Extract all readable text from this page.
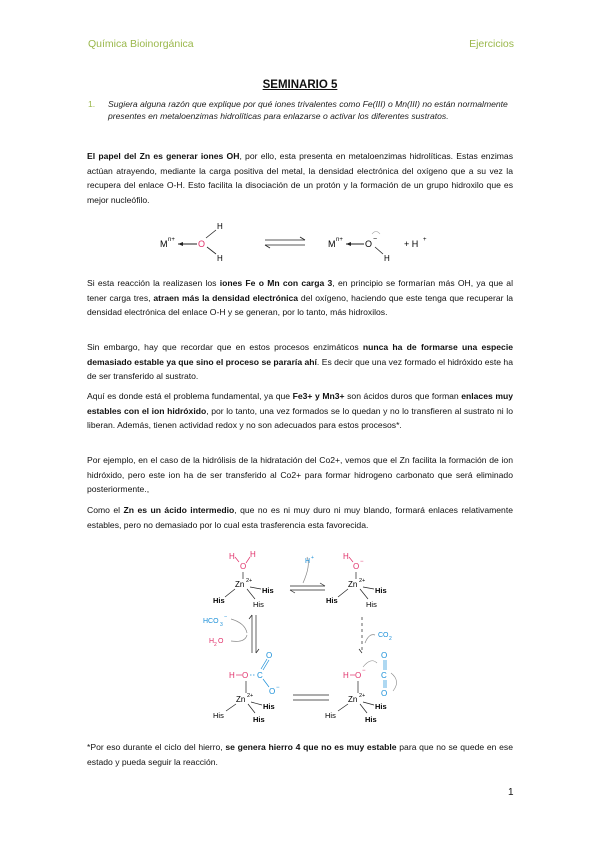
Química Bioinorgánica	Ejercicios
SEMINARIO 5
1. Sugiera alguna razón que explique por qué iones trivalentes como Fe(III) o Mn(III) no están normalmente presentes en metaloenzimas hidrolíticas para enlazarse o activar los diferentes sustratos.
El papel del Zn es generar iones OH, por ello, esta presenta en metaloenzimas hidrolíticas. Estas enzimas actúan atrayendo, mediante la carga positiva del metal, la densidad electrónica del oxígeno que a su vez la recupera del enlace O-H. Esto facilita la disociación de un protón y la formación de un grupo hidroxilo que es mejor nucleófilo.
M n+	O
H
H
M n+ O −
H
+ H +
Si esta reacción la realizasen los iones Fe o Mn con carga 3, en principio se formarían más OH, ya que al tener carga tres, atraen más la densidad electrónica del oxígeno, haciendo que este tenga que recuperar la densidad electrónica del enlace O-H y se generan, por lo tanto, más hidroxilos.
Sin embargo, hay que recordar que en estos procesos enzimáticos nunca ha de formarse una especie demasiado estable ya que sino el proceso se pararía ahí. Es decir que una vez formado el hidróxido este ha de ser transferido al sustrato.
Aquí es donde está el problema fundamental, ya que Fe3+ y Mn3+ son ácidos duros que forman enlaces muy estables con el ion hidróxido, por lo tanto, una vez formados se lo quedan y no lo transfieren al sustrato ni lo liberan. Además, tienen actividad redox y no son adecuados para estos procesos*.
Por ejemplo, en el caso de la hidrólisis de la hidratación del Co2+, vemos que el Zn facilita la formación de ion hidróxido, pero este ion ha de ser transferido al Co2+ para formar hidrogeno carbonato que será eliminado posteriormente.,
Como el Zn es un ácido intermedio, que no es ni muy duro ni muy blando, formará enlaces relativamente estables, pero no demasiado por lo cual esta trasferencia esta favorecida.
H
O
H
Zn 2+
His
His
His
H +	H
O −
Zn 2+
His
His
His
HCO 3
−
H 2 O
CO 2
H O C
O
O −
Zn 2+
His
His
His
H O −
O
C
O
Zn 2+
His
His
His
*Por eso durante el ciclo del hierro, se genera hierro 4 que no es muy estable para que no se quede en ese estado y pueda seguir la reacción.
1
